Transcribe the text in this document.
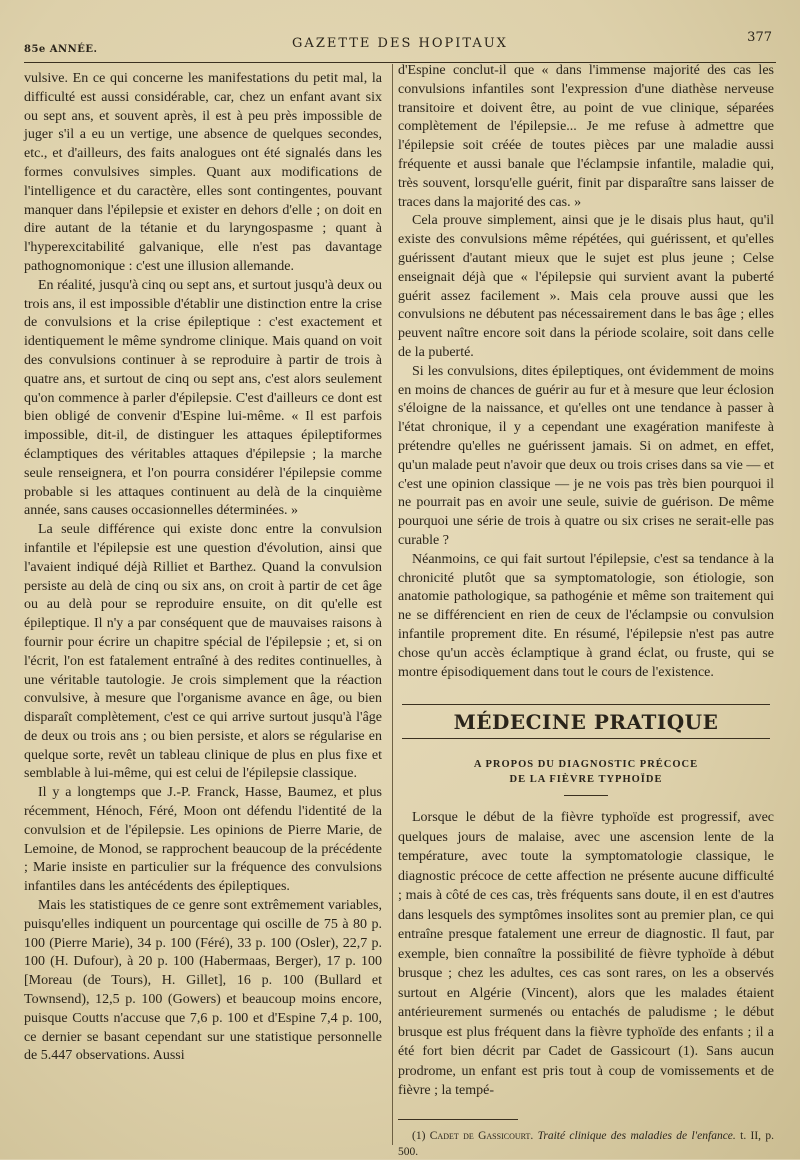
85e ANNÉE.	GAZETTE DES HOPITAUX	377

vulsive. En ce qui concerne les manifestations du petit mal, la difficulté est aussi considérable, car, chez un enfant avant six ou sept ans, et souvent après, il est à peu près impossible de juger s'il a eu un vertige, une absence de quelques secondes, etc., et d'ailleurs, des faits analogues ont été signalés dans les formes convulsives simples. Quant aux modifications de l'intelligence et du caractère, elles sont contingentes, pouvant manquer dans l'épilepsie et exister en dehors d'elle ; on doit en dire autant de la tétanie et du laryngospasme ; quant à l'hyperexcitabilité galvanique, elle n'est pas davantage pathognomonique : c'est une illusion allemande.

En réalité, jusqu'à cinq ou sept ans, et surtout jusqu'à deux ou trois ans, il est impossible d'établir une distinction entre la crise de convulsions et la crise épileptique : c'est exactement et identiquement le même syndrome clinique. Mais quand on voit des convulsions continuer à se reproduire à partir de trois à quatre ans, et surtout de cinq ou sept ans, c'est alors seulement qu'on commence à parler d'épilepsie. C'est d'ailleurs ce dont est bien obligé de convenir d'Espine lui-même. « Il est parfois impossible, dit-il, de distinguer les attaques épileptiformes éclamptiques des véritables attaques d'épilepsie ; la marche seule renseignera, et l'on pourra considérer l'épilepsie comme probable si les attaques continuent au delà de la cinquième année, sans causes occasionnelles déterminées. »

La seule différence qui existe donc entre la convulsion infantile et l'épilepsie est une question d'évolution, ainsi que l'avaient indiqué déjà Rilliet et Barthez. Quand la convulsion persiste au delà de cinq ou six ans, on croit à partir de cet âge ou au delà pour se reproduire ensuite, on dit qu'elle est épileptique. Il n'y a par conséquent que de mauvaises raisons à fournir pour écrire un chapitre spécial de l'épilepsie ; et, si on l'écrit, l'on est fatalement entraîné à des redites continuelles, à une véritable tautologie. Je crois simplement que la réaction convulsive, à mesure que l'organisme avance en âge, ou bien disparaît complètement, c'est ce qui arrive surtout jusqu'à l'âge de deux ou trois ans ; ou bien persiste, et alors se régularise en quelque sorte, revêt un tableau clinique de plus en plus fixe et semblable à lui-même, qui est celui de l'épilepsie classique.

Il y a longtemps que J.-P. Franck, Hasse, Baumez, et plus récemment, Hénoch, Féré, Moon ont défendu l'identité de la convulsion et de l'épilepsie. Les opinions de Pierre Marie, de Lemoine, de Monod, se rapprochent beaucoup de la précédente ; Marie insiste en particulier sur la fréquence des convulsions infantiles dans les antécédents des épileptiques.

Mais les statistiques de ce genre sont extrêmement variables, puisqu'elles indiquent un pourcentage qui oscille de 75 à 80 p. 100 (Pierre Marie), 34 p. 100 (Féré), 33 p. 100 (Osler), 22,7 p. 100 (H. Dufour), à 20 p. 100 (Habermaas, Berger), 17 p. 100 [Moreau (de Tours), H. Gillet], 16 p. 100 (Bullard et Townsend), 12,5 p. 100 (Gowers) et beaucoup moins encore, puisque Coutts n'accuse que 7,6 p. 100 et d'Espine 7,4 p. 100, ce dernier se basant cependant sur une statistique personnelle de 5.447 observations. Aussi

d'Espine conclut-il que « dans l'immense majorité des cas les convulsions infantiles sont l'expression d'une diathèse nerveuse transitoire et doivent être, au point de vue clinique, séparées complètement de l'épilepsie... Je me refuse à admettre que l'épilepsie soit créée de toutes pièces par une maladie aussi fréquente et aussi banale que l'éclampsie infantile, maladie qui, très souvent, lorsqu'elle guérit, finit par disparaître sans laisser de traces dans la majorité des cas. »

Cela prouve simplement, ainsi que je le disais plus haut, qu'il existe des convulsions même répétées, qui guérissent, et qu'elles guérissent d'autant mieux que le sujet est plus jeune ; Celse enseignait déjà que « l'épilepsie qui survient avant la puberté guérit assez facilement ». Mais cela prouve aussi que les convulsions ne débutent pas nécessairement dans le bas âge ; elles peuvent naître encore soit dans la période scolaire, soit dans celle de la puberté.

Si les convulsions, dites épileptiques, ont évidemment de moins en moins de chances de guérir au fur et à mesure que leur éclosion s'éloigne de la naissance, et qu'elles ont une tendance à passer à l'état chronique, il y a cependant une exagération manifeste à prétendre qu'elles ne guérissent jamais. Si on admet, en effet, qu'un malade peut n'avoir que deux ou trois crises dans sa vie — et c'est une opinion classique — je ne vois pas très bien pourquoi il ne pourrait pas en avoir une seule, suivie de guérison. De même pourquoi une série de trois à quatre ou six crises ne serait-elle pas curable ?

Néanmoins, ce qui fait surtout l'épilepsie, c'est sa tendance à la chronicité plutôt que sa symptomatologie, son étiologie, son anatomie pathologique, sa pathogénie et même son traitement qui ne se différencient en rien de ceux de l'éclampsie ou convulsion infantile proprement dite. En résumé, l'épilepsie n'est pas autre chose qu'un accès éclamptique à grand éclat, ou fruste, qui se montre épisodiquement dans tout le cours de l'existence.

MÉDECINE PRATIQUE
A PROPOS DU DIAGNOSTIC PRÉCOCE
DE LA FIÈVRE TYPHOÏDE

Lorsque le début de la fièvre typhoïde est progressif, avec quelques jours de malaise, avec une ascension lente de la température, avec toute la symptomatologie classique, le diagnostic précoce de cette affection ne présente aucune difficulté ; mais à côté de ces cas, très fréquents sans doute, il en est d'autres dans lesquels des symptômes insolites sont au premier plan, ce qui entraîne presque fatalement une erreur de diagnostic. Il faut, par exemple, bien connaître la possibilité de fièvre typhoïde à début brusque ; chez les adultes, ces cas sont rares, on les a observés surtout en Algérie (Vincent), alors que les malades étaient antérieurement surmenés ou entachés de paludisme ; le début brusque est plus fréquent dans la fièvre typhoïde des enfants ; il a été fort bien décrit par Cadet de Gassicourt (1). Sans aucun prodrome, un enfant est pris tout à coup de vomissements et de fièvre ; la tempé-

(1) Cadet de Gassicourt. Traité clinique des maladies de l'enfance. t. II, p. 500.
